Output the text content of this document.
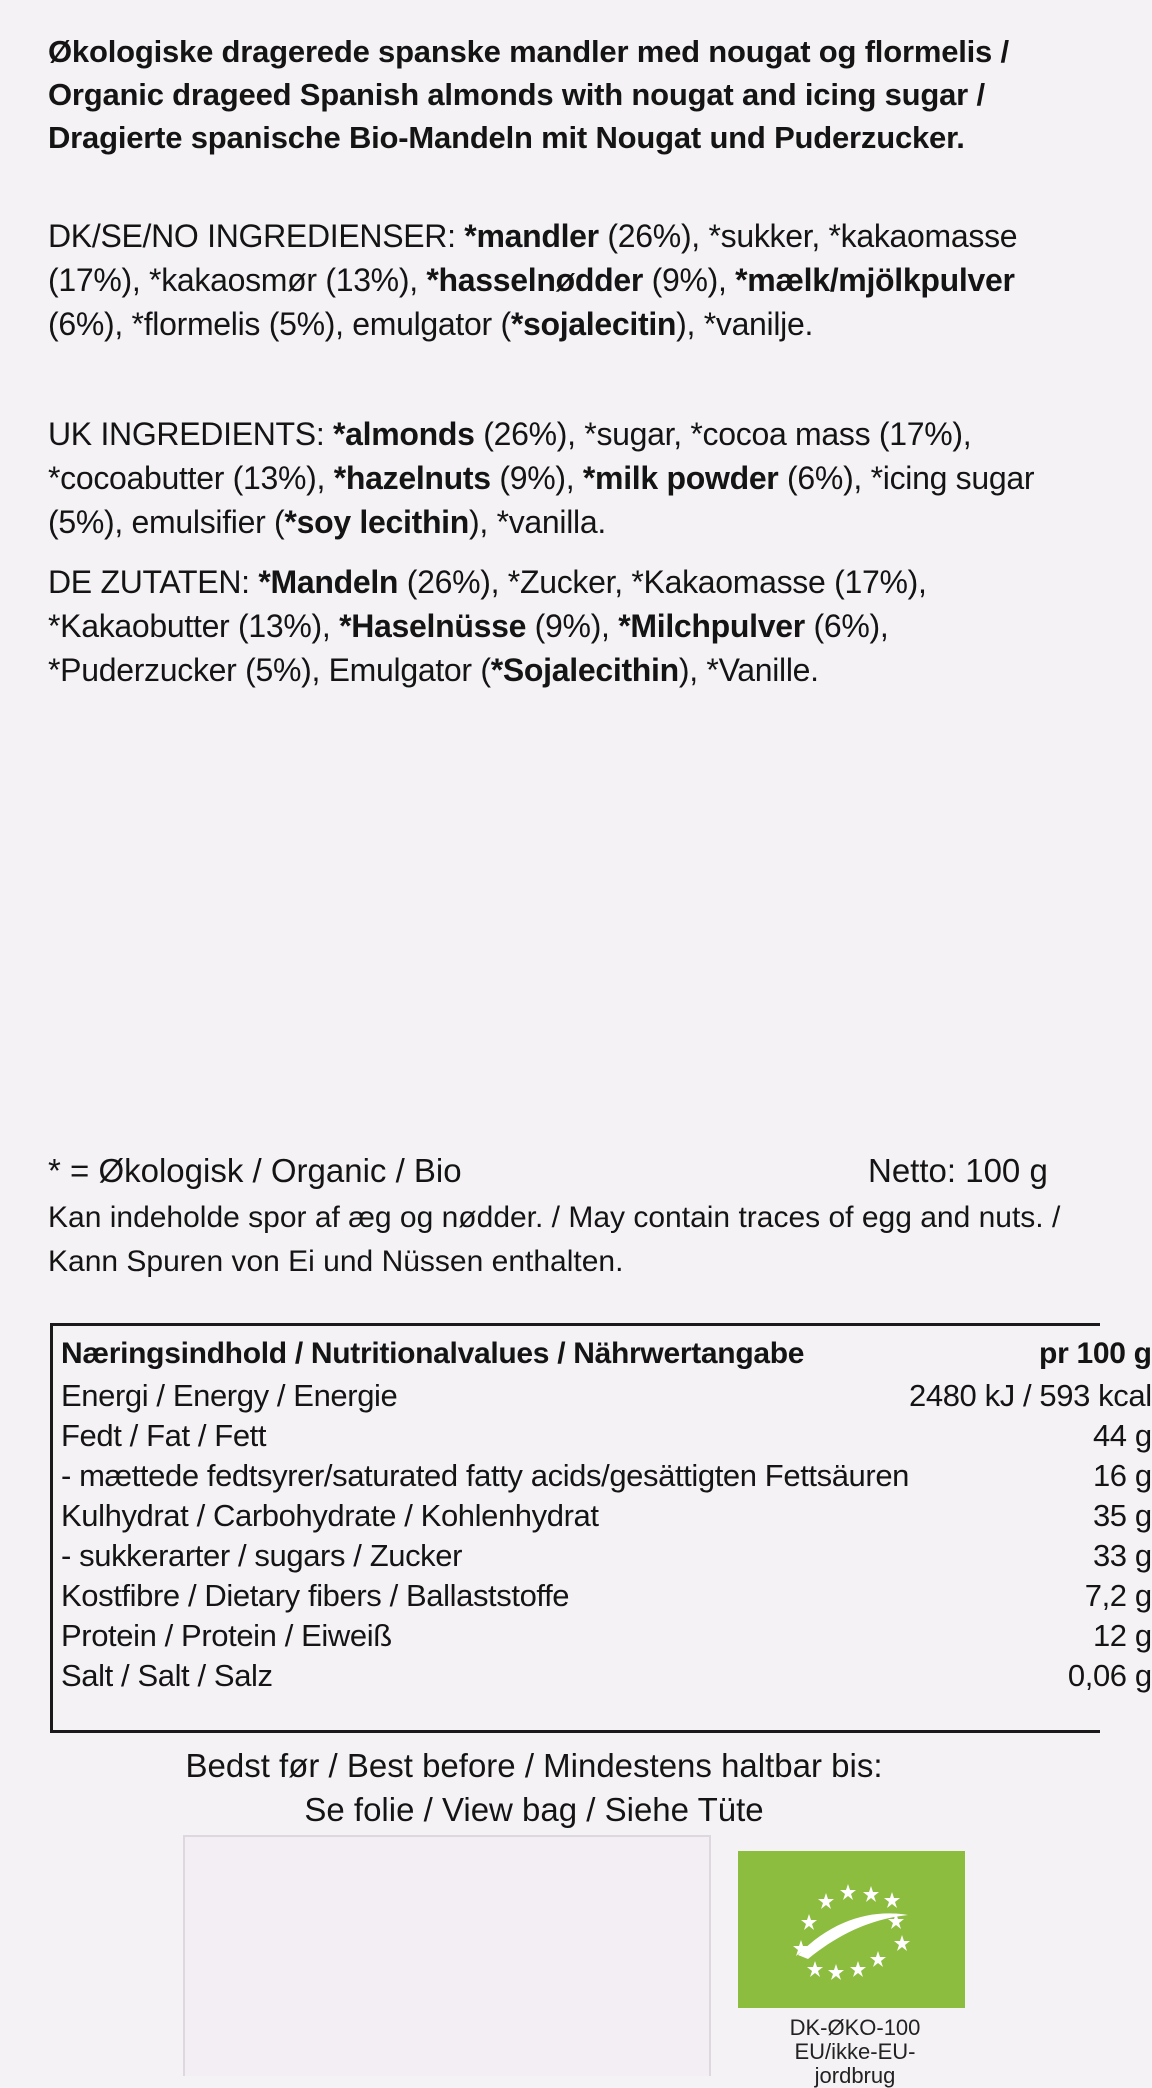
Økologiske dragerede spanske mandler med nougat og flormelis / Organic drageed Spanish almonds with nougat and icing sugar / Dragierte spanische Bio-Mandeln mit Nougat und Puderzucker.
DK/SE/NO INGREDIENSER: *mandler (26%), *sukker, *kakaomasse (17%), *kakaosmør (13%), *hasselnødder (9%), *mælk/mjölkpulver (6%), *flormelis (5%), emulgator (*sojalecitin), *vanilje.
UK INGREDIENTS: *almonds (26%), *sugar, *cocoa mass (17%), *cocoabutter (13%), *hazelnuts (9%), *milk powder (6%), *icing sugar (5%), emulsifier (*soy lecithin), *vanilla.
DE ZUTATEN: *Mandeln (26%), *Zucker, *Kakaomasse (17%), *Kakaobutter (13%), *Haselnüsse (9%), *Milchpulver (6%), *Puderzucker (5%), Emulgator (*Sojalecithin), *Vanille.
* = Økologisk / Organic / Bio	Netto: 100 g
Kan indeholde spor af æg og nødder. / May contain traces of egg and nuts. / Kann Spuren von Ei und Nüssen enthalten.
Næringsindhold / Nutritionalvalues / Nährwertangabe	pr 100 g
Energi / Energy / Energie	2480 kJ / 593 kcal
Fedt / Fat / Fett	44 g
- mættede fedtsyrer/saturated fatty acids/gesättigten Fettsäuren	16 g
Kulhydrat / Carbohydrate / Kohlenhydrat	35 g
- sukkerarter / sugars / Zucker	33 g
Kostfibre / Dietary fibers / Ballaststoffe	7,2 g
Protein / Protein / Eiweiß	12 g
Salt / Salt / Salz	0,06 g
Bedst før / Best before / Mindestens haltbar bis:
Se folie / View bag / Siehe Tüte
DK-ØKO-100
EU/ikke-EU-
jordbrug
